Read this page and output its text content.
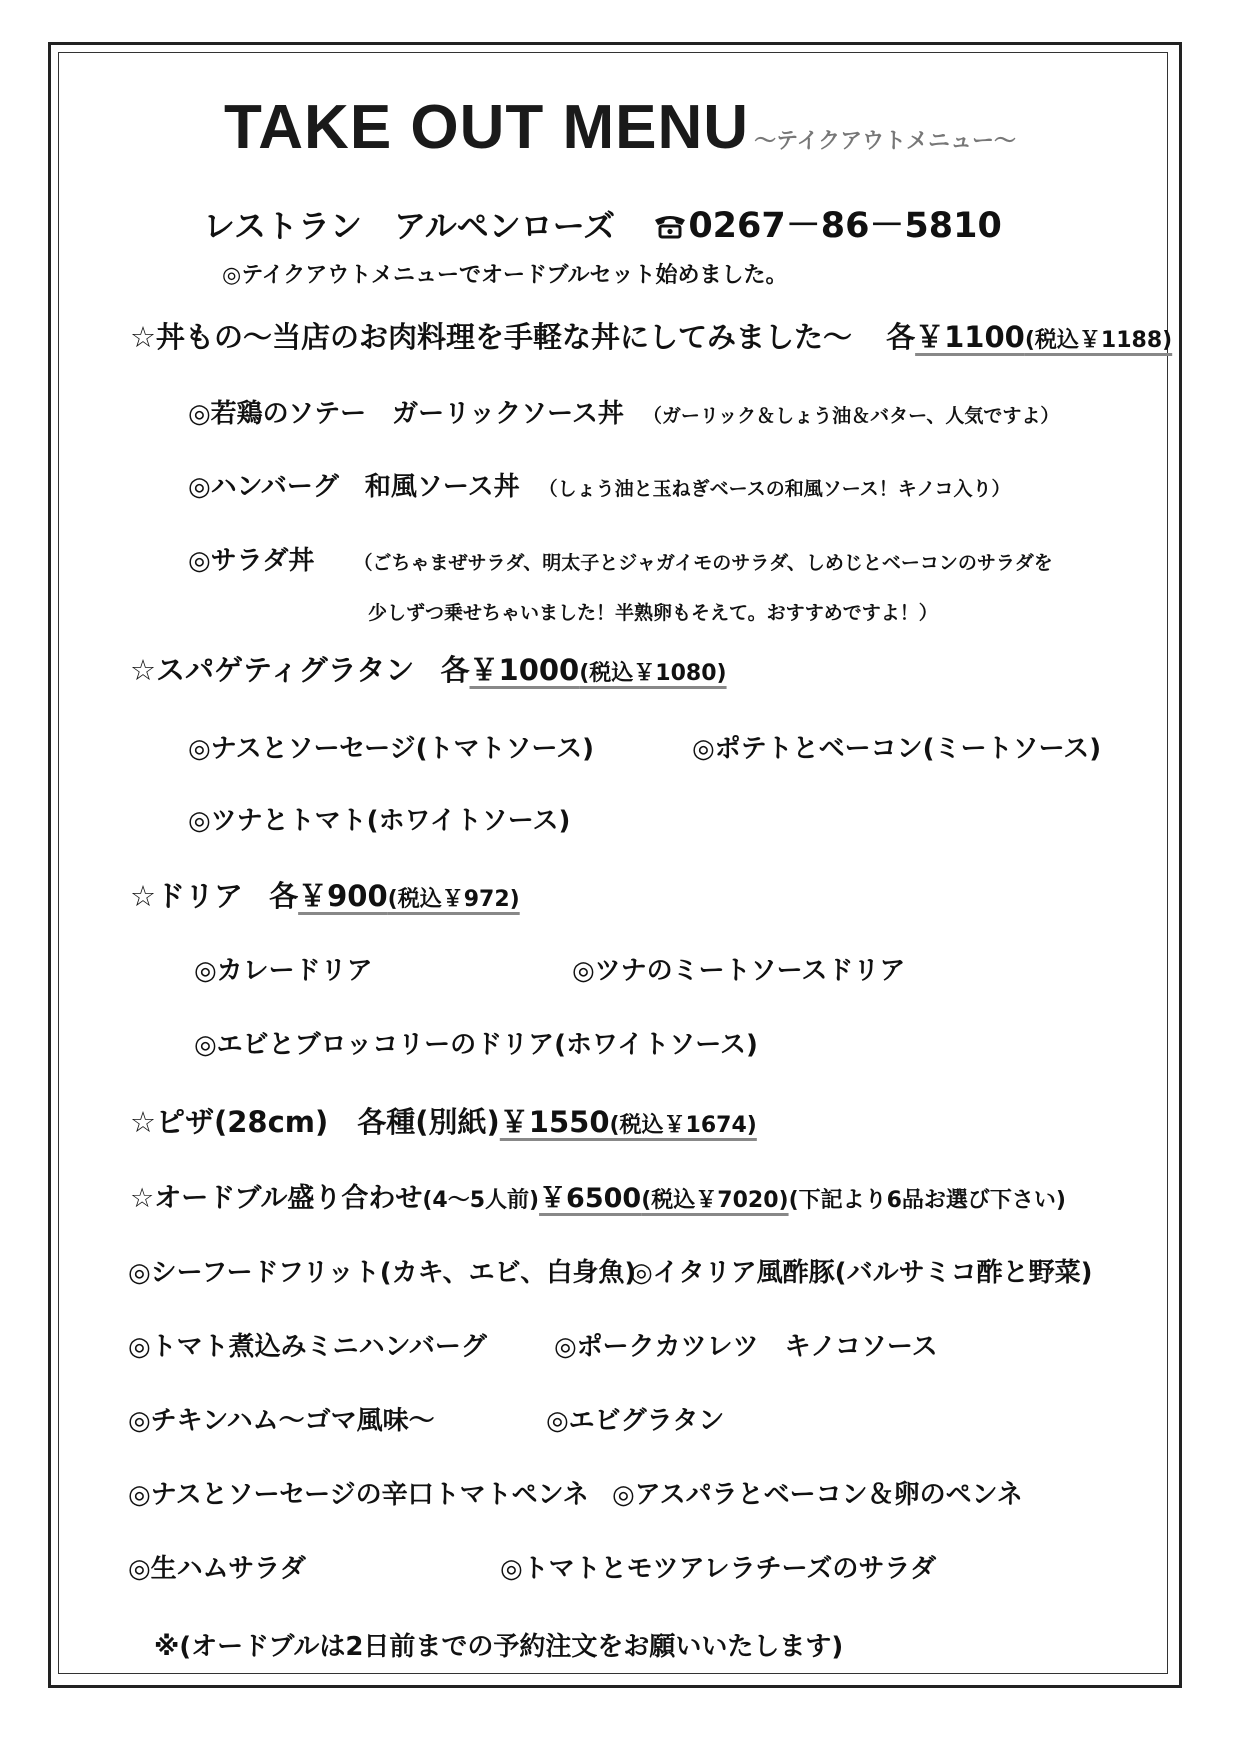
TAKE OUT MENU ～テイクアウトメニュー～
レストラン　アルペンローズ 0267－86－5810
◎テイクアウトメニューでオードブルセット始めました。
☆丼もの～当店のお肉料理を手軽な丼にしてみました～ 各￥1100(税込￥1188)
◎若鶏のソテー　ガーリックソース丼 （ガーリック＆しょう油＆バター、人気ですよ）
◎ハンバーグ　和風ソース丼 （しょう油と玉ねぎベースの和風ソース！キノコ入り）
◎サラダ丼 （ごちゃまぜサラダ、明太子とジャガイモのサラダ、しめじとベーコンのサラダを
少しずつ乗せちゃいました！半熟卵もそえて。おすすめですよ！）
☆スパゲティグラタン 各￥1000(税込￥1080)
◎ナスとソーセージ(トマトソース)	◎ポテトとベーコン(ミートソース)
◎ツナとトマト(ホワイトソース)
☆ドリア 各￥900(税込￥972)
◎カレードリア	◎ツナのミートソースドリア
◎エビとブロッコリーのドリア(ホワイトソース)
☆ピザ(28cm)　各種(別紙)￥1550(税込￥1674)
☆オードブル盛り合わせ(4～5人前)￥6500(税込￥7020)(下記より6品お選び下さい)
◎シーフードフリット(カキ、エビ、白身魚)
◎イタリア風酢豚(バルサミコ酢と野菜)
◎トマト煮込みミニハンバーグ	◎ポークカツレツ　キノコソース
◎チキンハム～ゴマ風味～	◎エビグラタン
◎ナスとソーセージの辛口トマトペンネ ◎アスパラとベーコン＆卵のペンネ
◎生ハムサラダ	◎トマトとモツアレラチーズのサラダ
※(オードブルは2日前までの予約注文をお願いいたします)
